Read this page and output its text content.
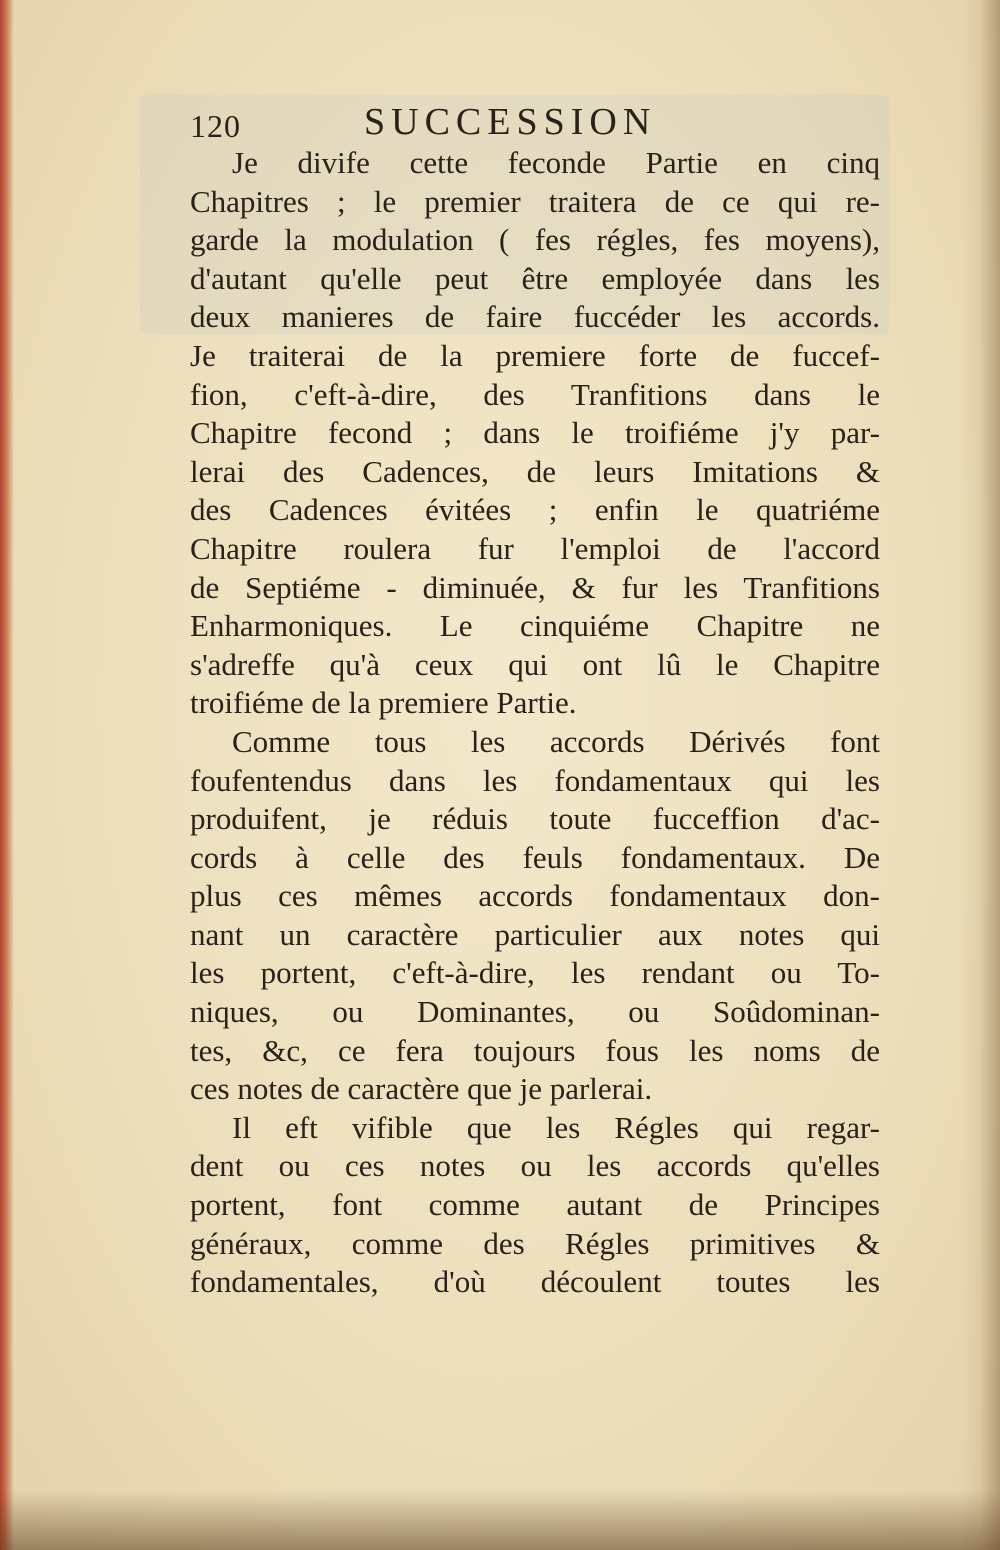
120	SUCCESSION
Je divife cette feconde Partie en cinq
Chapitres ; le premier traitera de ce qui re-
garde la modulation ( fes régles, fes moyens),
d'autant qu'elle peut être employée dans les
deux manieres de faire fuccéder les accords.
Je traiterai de la premiere forte de fuccef-
fion, c'eft-à-dire, des Tranfitions dans le
Chapitre fecond ; dans le troifiéme j'y par-
lerai des Cadences, de leurs Imitations &
des Cadences évitées ; enfin le quatriéme
Chapitre roulera fur l'emploi de l'accord
de Septiéme - diminuée, & fur les Tranfitions
Enharmoniques. Le cinquiéme Chapitre ne
s'adreffe qu'à ceux qui ont lû le Chapitre
troifiéme de la premiere Partie.
Comme tous les accords Dérivés font
foufentendus dans les fondamentaux qui les
produifent, je réduis toute fucceffion d'ac-
cords à celle des feuls fondamentaux. De
plus ces mêmes accords fondamentaux don-
nant un caractère particulier aux notes qui
les portent, c'eft-à-dire, les rendant ou To-
niques, ou Dominantes, ou Soûdominan-
tes, &c, ce fera toujours fous les noms de
ces notes de caractère que je parlerai.
Il eft vifible que les Régles qui regar-
dent ou ces notes ou les accords qu'elles
portent, font comme autant de Principes
généraux, comme des Régles primitives &
fondamentales, d'où découlent toutes les
